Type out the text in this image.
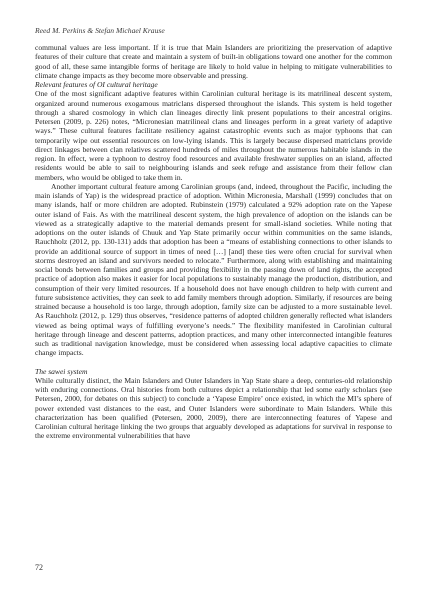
Reed M. Perkins & Stefan Michael Krause

communal values are less important. If it is true that Main Islanders are prioritizing the preservation of adaptive features of their culture that create and maintain a system of built-in obligations toward one another for the common good of all, these same intangible forms of heritage are likely to hold value in helping to mitigate vulnerabilities to climate change impacts as they become more observable and pressing.

Relevant features of OI cultural heritage

One of the most significant adaptive features within Carolinian cultural heritage is its matrilineal descent system, organized around numerous exogamous matriclans dispersed throughout the islands. This system is held together through a shared cosmology in which clan lineages directly link present populations to their ancestral origins. Petersen (2009, p. 226) notes, “Micronesian matrilineal clans and lineages perform in a great variety of adaptive ways.” These cultural features facilitate resiliency against catastrophic events such as major typhoons that can temporarily wipe out essential resources on low-lying islands. This is largely because dispersed matriclans provide direct linkages between clan relatives scattered hundreds of miles throughout the numerous habitable islands in the region. In effect, were a typhoon to destroy food resources and available freshwater supplies on an island, affected residents would be able to sail to neighbouring islands and seek refuge and assistance from their fellow clan members, who would be obliged to take them in.

Another important cultural feature among Carolinian groups (and, indeed, throughout the Pacific, including the main islands of Yap) is the widespread practice of adoption. Within Micronesia, Marshall (1999) concludes that on many islands, half or more children are adopted. Rubinstein (1979) calculated a 92% adoption rate on the Yapese outer island of Fais. As with the matrilineal descent system, the high prevalence of adoption on the islands can be viewed as a strategically adaptive to the material demands present for small-island societies. While noting that adoptions on the outer islands of Chuuk and Yap State primarily occur within communities on the same islands, Rauchholz (2012, pp. 130-131) adds that adoption has been a “means of establishing connections to other islands to provide an additional source of support in times of need […] [and] these ties were often crucial for survival when storms destroyed an island and survivors needed to relocate.” Furthermore, along with establishing and maintaining social bonds between families and groups and providing flexibility in the passing down of land rights, the accepted practice of adoption also makes it easier for local populations to sustainably manage the production, distribution, and consumption of their very limited resources. If a household does not have enough children to help with current and future subsistence activities, they can seek to add family members through adoption. Similarly, if resources are being strained because a household is too large, through adoption, family size can be adjusted to a more sustainable level. As Rauchholz (2012, p. 129) thus observes, “residence patterns of adopted children generally reflected what islanders viewed as being optimal ways of fulfilling everyone’s needs.” The flexibility manifested in Carolinian cultural heritage through lineage and descent patterns, adoption practices, and many other interconnected intangible features such as traditional navigation knowledge, must be considered when assessing local adaptive capacities to climate change impacts.

The sawei system

While culturally distinct, the Main Islanders and Outer Islanders in Yap State share a deep, centuries-old relationship with enduring connections. Oral histories from both cultures depict a relationship that led some early scholars (see Petersen, 2000, for debates on this subject) to conclude a ‘Yapese Empire’ once existed, in which the MI’s sphere of power extended vast distances to the east, and Outer Islanders were subordinate to Main Islanders. While this characterization has been qualified (Petersen, 2000, 2009), there are interconnecting features of Yapese and Carolinian cultural heritage linking the two groups that arguably developed as adaptations for survival in response to the extreme environmental vulnerabilities that have

72
